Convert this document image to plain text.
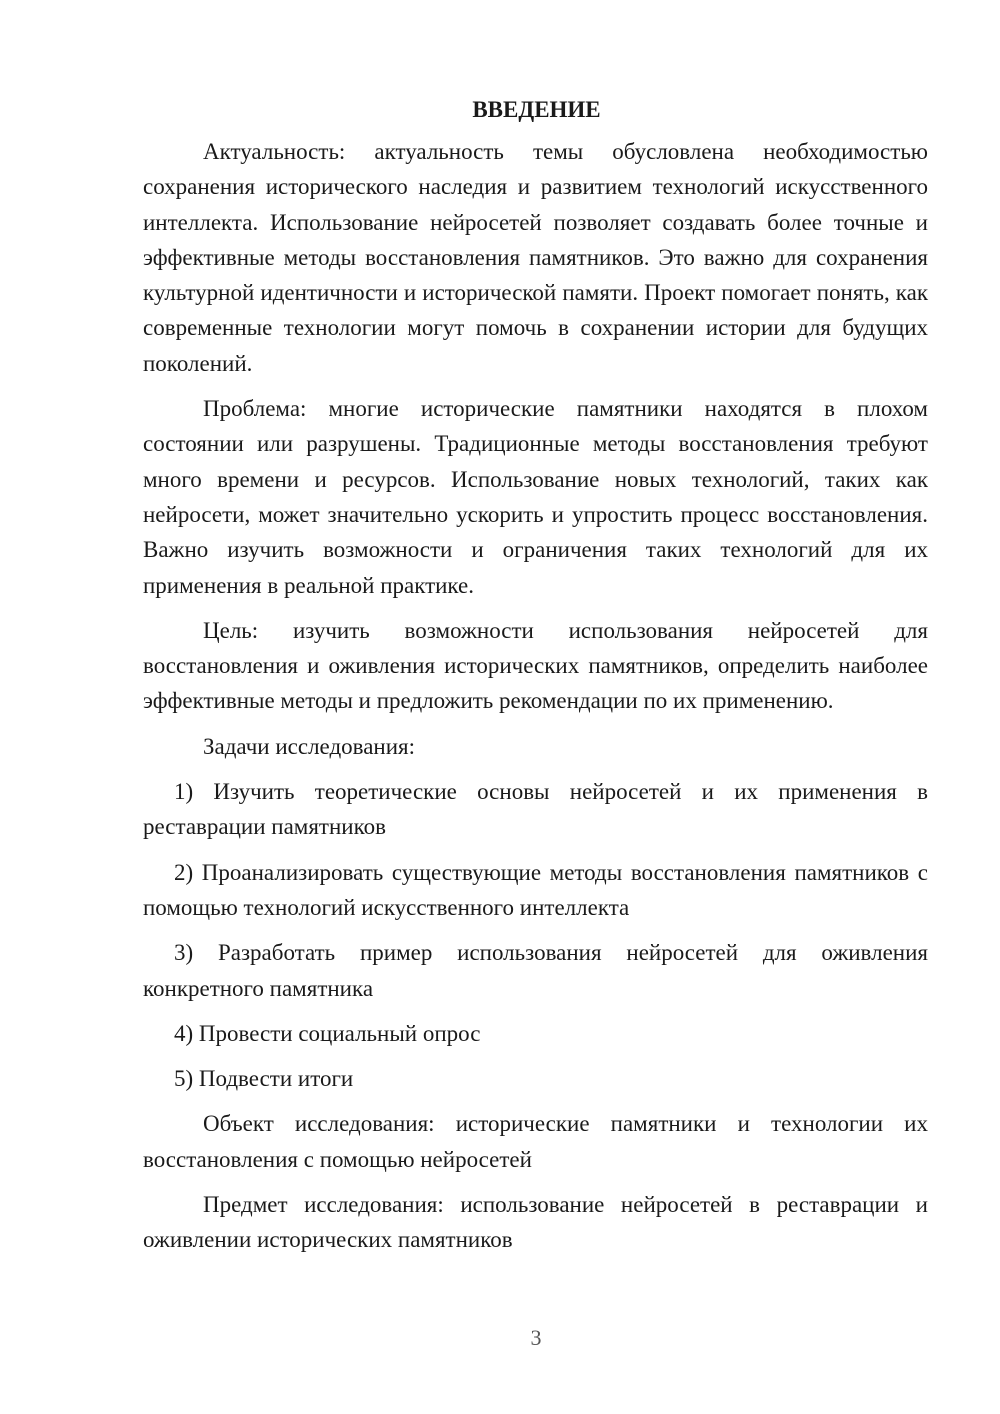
ВВЕДЕНИЕ

Актуальность: актуальность темы обусловлена необходимостью сохранения исторического наследия и развитием технологий искусственного интеллекта. Использование нейросетей позволяет создавать более точные и эффективные методы восстановления памятников. Это важно для сохранения культурной идентичности и исторической памяти. Проект помогает понять, как современные технологии могут помочь в сохранении истории для будущих поколений.

Проблема: многие исторические памятники находятся в плохом состоянии или разрушены. Традиционные методы восстановления требуют много времени и ресурсов. Использование новых технологий, таких как нейросети, может значительно ускорить и упростить процесс восстановления. Важно изучить возможности и ограничения таких технологий для их применения в реальной практике.

Цель: изучить возможности использования нейросетей для восстановления и оживления исторических памятников, определить наиболее эффективные методы и предложить рекомендации по их применению.

Задачи исследования:

1) Изучить теоретические основы нейросетей и их применения в реставрации памятников

2) Проанализировать существующие методы восстановления памятников с помощью технологий искусственного интеллекта

3) Разработать пример использования нейросетей для оживления конкретного памятника

4) Провести социальный опрос

5) Подвести итоги

Объект исследования: исторические памятники и технологии их восстановления с помощью нейросетей

Предмет исследования: использование нейросетей в реставрации и оживлении исторических памятников

3
